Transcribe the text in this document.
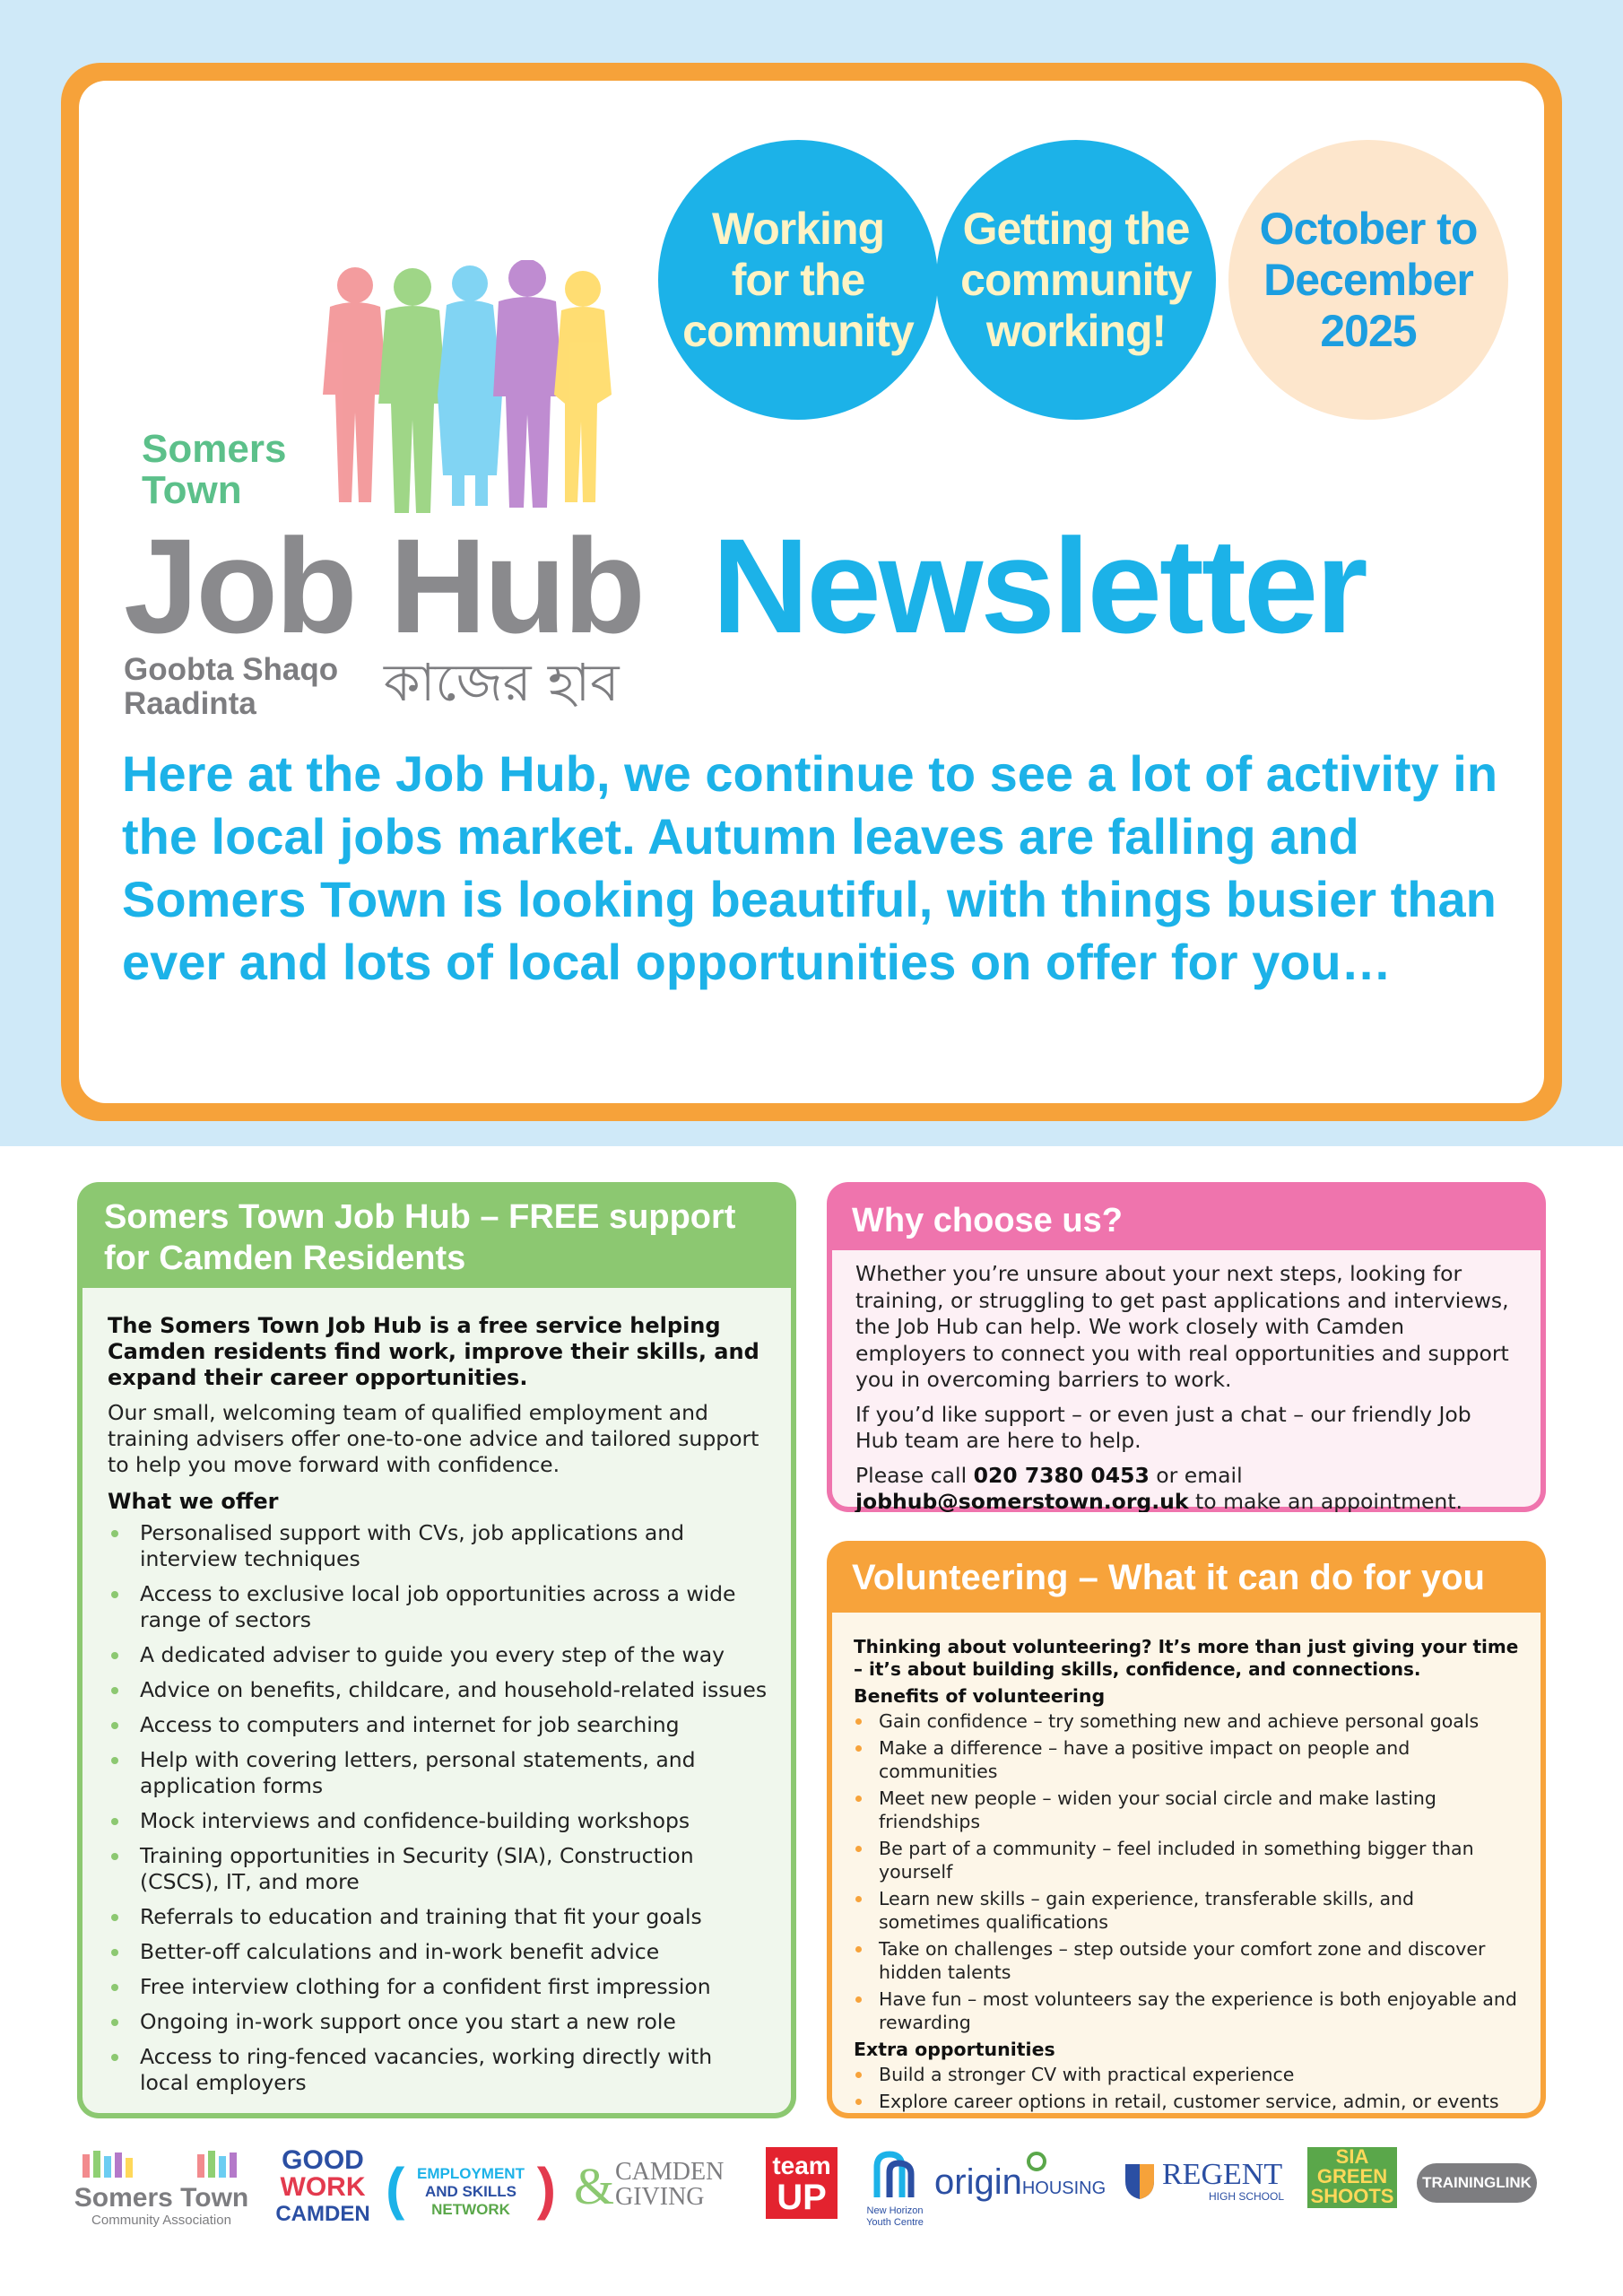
Working
for the
community
Getting the
community
working!
October to
December
2025
Somers
Town
Job Hub Newsletter
Goobta Shaqo
Raadinta	কাজের হাব
Here at the Job Hub, we continue to see a lot of activity in the local jobs market. Autumn leaves are falling and Somers Town is looking beautiful, with things busier than ever and lots of local opportunities on offer for you…
Somers Town Job Hub – FREE support for Camden Residents

The Somers Town Job Hub is a free service helping Camden residents find work, improve their skills, and expand their career opportunities.

Our small, welcoming team of qualified employment and training advisers offer one-to-one advice and tailored support to help you move forward with confidence.

What we offer

Personalised support with CVs, job applications and interview techniques
Access to exclusive local job opportunities across a wide range of sectors
A dedicated adviser to guide you every step of the way
Advice on benefits, childcare, and household-related issues
Access to computers and internet for job searching
Help with covering letters, personal statements, and application forms
Mock interviews and confidence-building workshops
Training opportunities in Security (SIA), Construction (CSCS), IT, and more
Referrals to education and training that fit your goals
Better-off calculations and in-work benefit advice
Free interview clothing for a confident first impression
Ongoing in-work support once you start a new role
Access to ring-fenced vacancies, working directly with local employers
Why choose us?

Whether you’re unsure about your next steps, looking for training, or struggling to get past applications and interviews, the Job Hub can help. We work closely with Camden employers to connect you with real opportunities and support you in overcoming barriers to work.

If you’d like support – or even just a chat – our friendly Job Hub team are here to help.

Please call 020 7380 0453 or email jobhub@somerstown.org.uk to make an appointment.

Volunteering – What it can do for you

Thinking about volunteering? It’s more than just giving your time – it’s about building skills, confidence, and connections.

Benefits of volunteering

Gain confidence – try something new and achieve personal goals
Make a difference – have a positive impact on people and communities
Meet new people – widen your social circle and make lasting friendships
Be part of a community – feel included in something bigger than yourself
Learn new skills – gain experience, transferable skills, and sometimes qualifications
Take on challenges – step outside your comfort zone and discover hidden talents
Have fun – most volunteers say the experience is both enjoyable and rewarding

Extra opportunities

Build a stronger CV with practical experience
Explore career options in retail, customer service, admin, or events
Somers Town
Community Association
GOOD
WORK
CAMDEN ( )
EMPLOYMENT
AND SKILLS
NETWORK	& CAMDEN
GIVING
team
UP	New Horizon
Youth Centre
originHOUSING	REGENT
HIGH SCHOOL
SIA
GREEN
SHOOTS
TRAININGLINK
